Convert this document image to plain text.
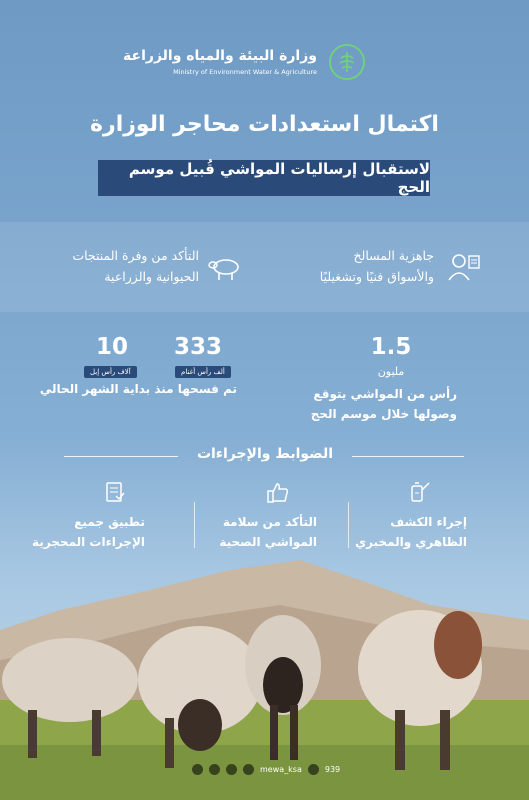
وزارة البيئة والمياه والزراعة
Ministry of Environment Water & Agriculture
اكتمال استعدادات محاجر الوزارة
لاستقبال إرساليات المواشي قُبيل موسم الحج
جاهزية المسالخ
والأسواق فنيًا وتشغيليًا
التأكد من وفرة المنتجات
الحيوانية والزراعية
1.5
مليون
رأس من المواشي يتوقع
وصولها خلال موسم الحج
333
ألف رأس أغنام
10
آلاف رأس إبل
تم فسحها منذ بداية الشهر الحالي
الضوابط والإجراءات
إجراء الكشف
الظاهري والمخبري
التأكد من سلامة
المواشي الصحية
تطبيق جميع
الإجراءات المحجرية
mewa_ksa	939
